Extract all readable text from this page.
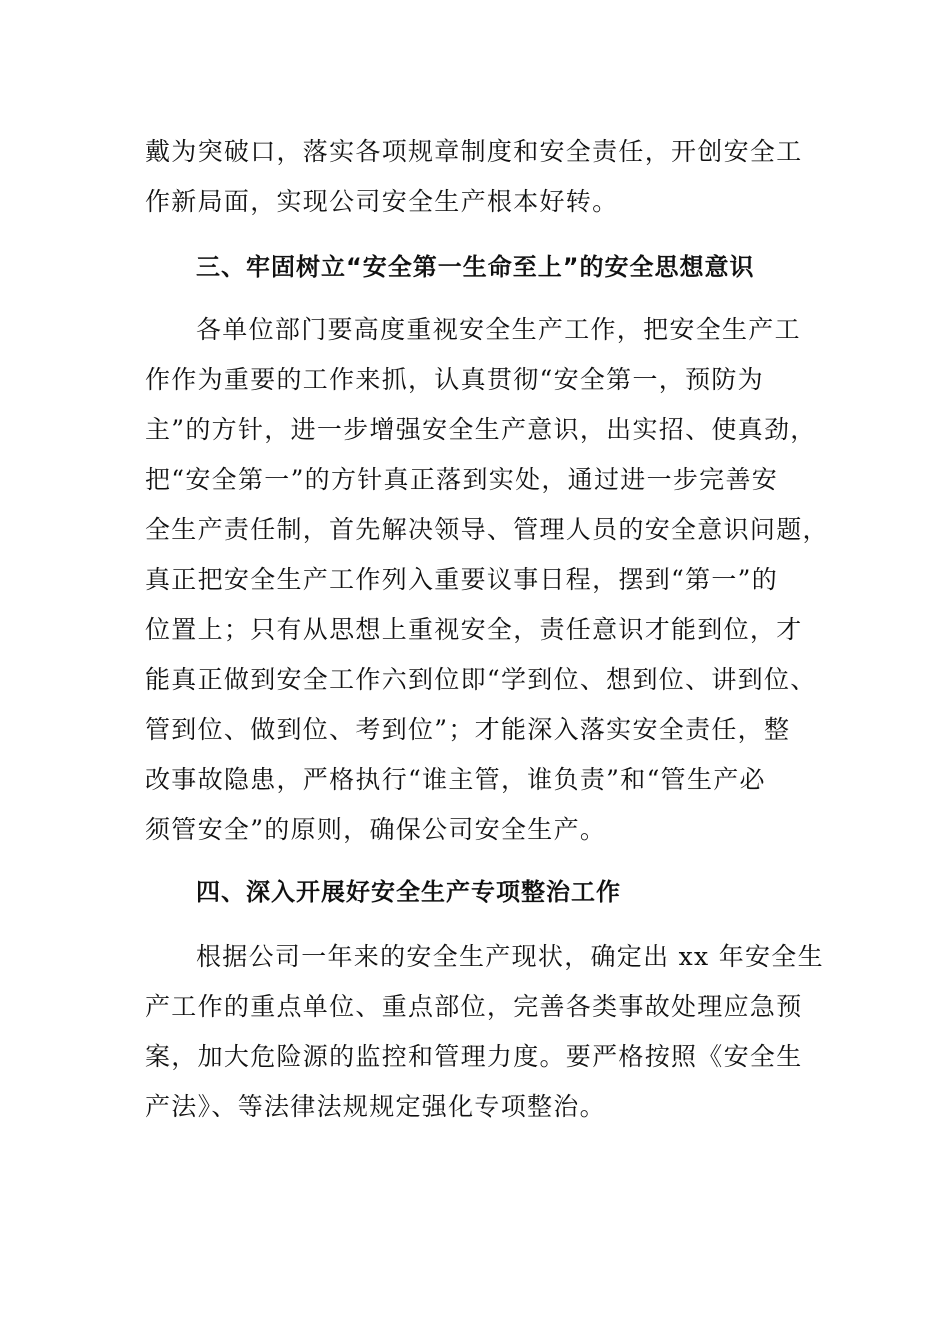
戴为突破口，落实各项规章制度和安全责任，开创安全工
作新局面，实现公司安全生产根本好转。
三、牢固树立“安全第一生命至上”的安全思想意识
各单位部门要高度重视安全生产工作，把安全生产工
作作为重要的工作来抓，认真贯彻“安全第一，预防为
主”的方针，进一步增强安全生产意识，出实招、使真劲，
把“安全第一”的方针真正落到实处，通过进一步完善安
全生产责任制，首先解决领导、管理人员的安全意识问题，
真正把安全生产工作列入重要议事日程，摆到“第一”的
位置上；只有从思想上重视安全，责任意识才能到位，才
能真正做到安全工作六到位即“学到位、想到位、讲到位、
管到位、做到位、考到位”；才能深入落实安全责任，整
改事故隐患，严格执行“谁主管，谁负责”和“管生产必
须管安全”的原则，确保公司安全生产。
四、深入开展好安全生产专项整治工作
根据公司一年来的安全生产现状，确定出 xx 年安全生
产工作的重点单位、重点部位，完善各类事故处理应急预
案，加大危险源的监控和管理力度。要严格按照《安全生
产法》、等法律法规规定强化专项整治。
